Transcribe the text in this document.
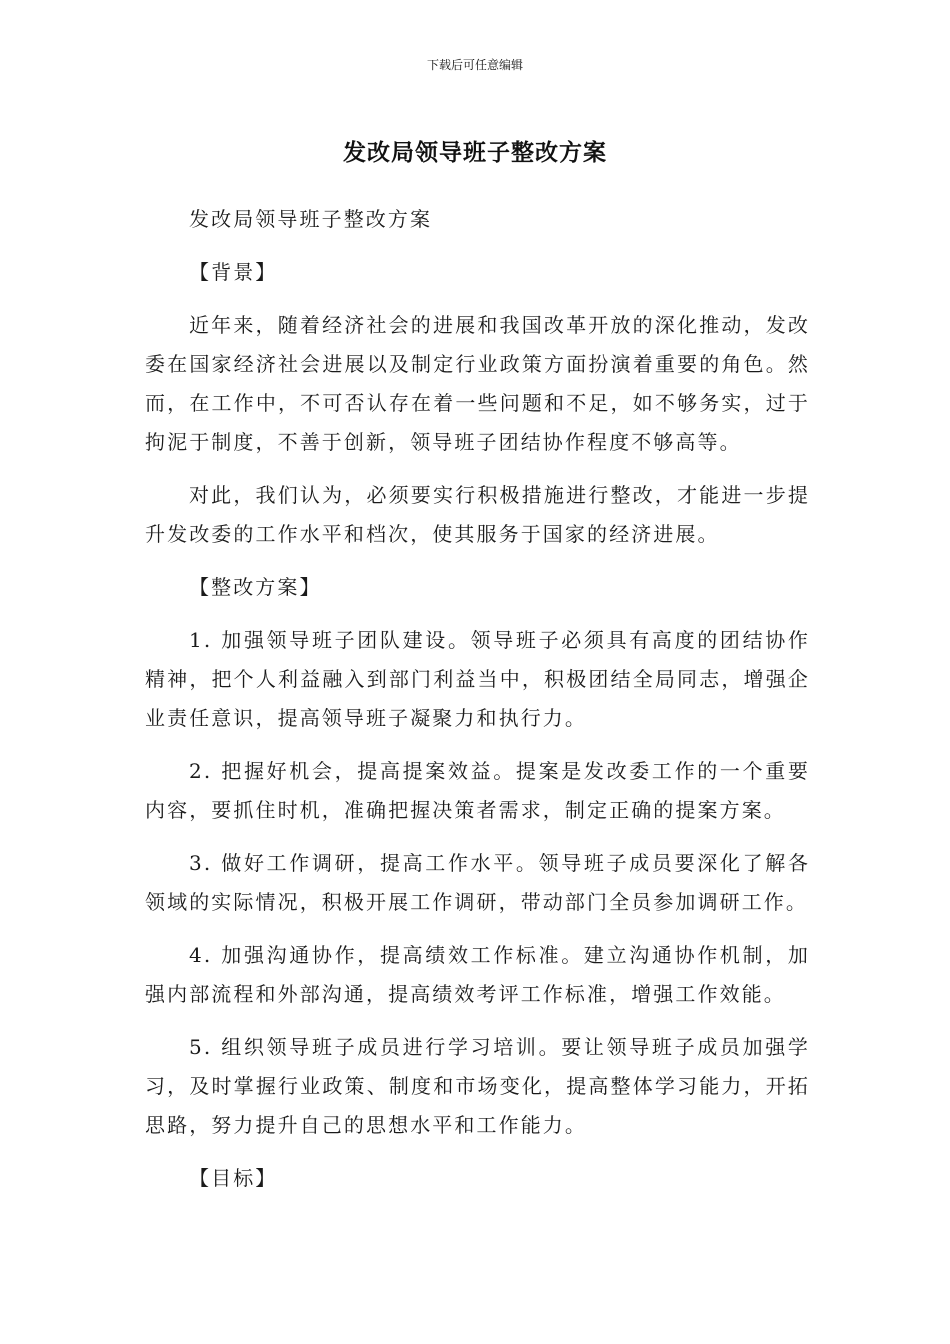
下载后可任意编辑
发改局领导班子整改方案

发改局领导班子整改方案

【背景】

近年来，随着经济社会的进展和我国改革开放的深化推动，发改委在国家经济社会进展以及制定行业政策方面扮演着重要的角色。然而，在工作中，不可否认存在着一些问题和不足，如不够务实，过于拘泥于制度，不善于创新，领导班子团结协作程度不够高等。

对此，我们认为，必须要实行积极措施进行整改，才能进一步提升发改委的工作水平和档次，使其服务于国家的经济进展。

【整改方案】

1. 加强领导班子团队建设。领导班子必须具有高度的团结协作精神，把个人利益融入到部门利益当中，积极团结全局同志，增强企业责任意识，提高领导班子凝聚力和执行力。

2. 把握好机会，提高提案效益。提案是发改委工作的一个重要内容，要抓住时机，准确把握决策者需求，制定正确的提案方案。

3. 做好工作调研，提高工作水平。领导班子成员要深化了解各领域的实际情况，积极开展工作调研，带动部门全员参加调研工作。

4. 加强沟通协作，提高绩效工作标准。建立沟通协作机制，加强内部流程和外部沟通，提高绩效考评工作标准，增强工作效能。

5. 组织领导班子成员进行学习培训。要让领导班子成员加强学习，及时掌握行业政策、制度和市场变化，提高整体学习能力，开拓思路，努力提升自己的思想水平和工作能力。

【目标】
